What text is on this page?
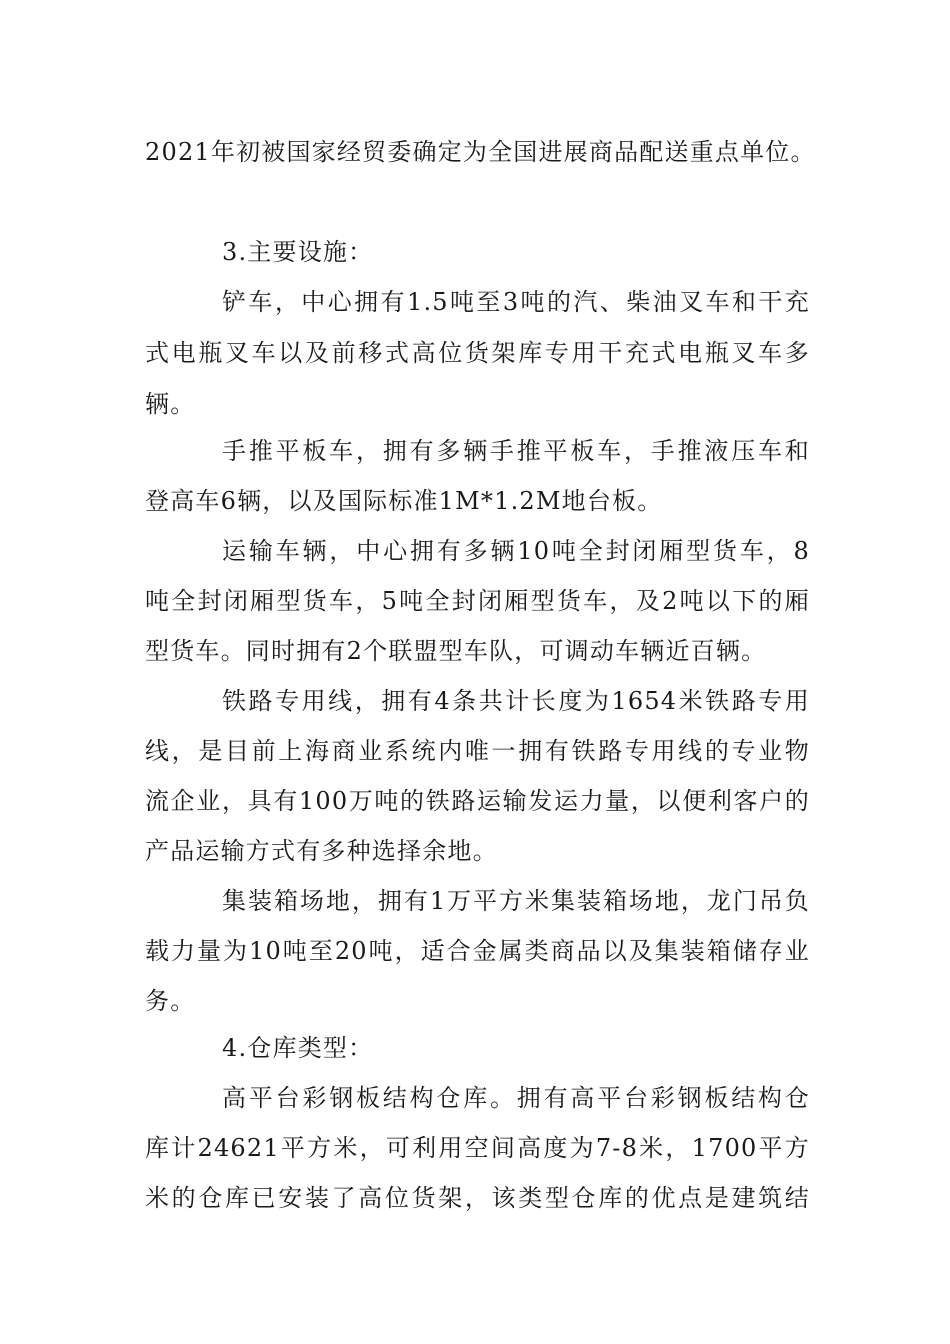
2021年初被国家经贸委确定为全国进展商品配送重点单位。
3.主要设施：
铲车，中心拥有1.5吨至3吨的汽、柴油叉车和干充
式电瓶叉车以及前移式高位货架库专用干充式电瓶叉车多
辆。
手推平板车，拥有多辆手推平板车，手推液压车和
登高车6辆，以及国际标准1M*1.2M地台板。
运输车辆，中心拥有多辆10吨全封闭厢型货车，8
吨全封闭厢型货车，5吨全封闭厢型货车，及2吨以下的厢
型货车。同时拥有2个联盟型车队，可调动车辆近百辆。
铁路专用线，拥有4条共计长度为1654米铁路专用
线，是目前上海商业系统内唯一拥有铁路专用线的专业物
流企业，具有100万吨的铁路运输发运力量，以便利客户的
产品运输方式有多种选择余地。
集装箱场地，拥有1万平方米集装箱场地，龙门吊负
载力量为10吨至20吨，适合金属类商品以及集装箱储存业
务。
4.仓库类型：
高平台彩钢板结构仓库。拥有高平台彩钢板结构仓
库计24621平方米，可利用空间高度为7-8米，1700平方
米的仓库已安装了高位货架，该类型仓库的优点是建筑结
